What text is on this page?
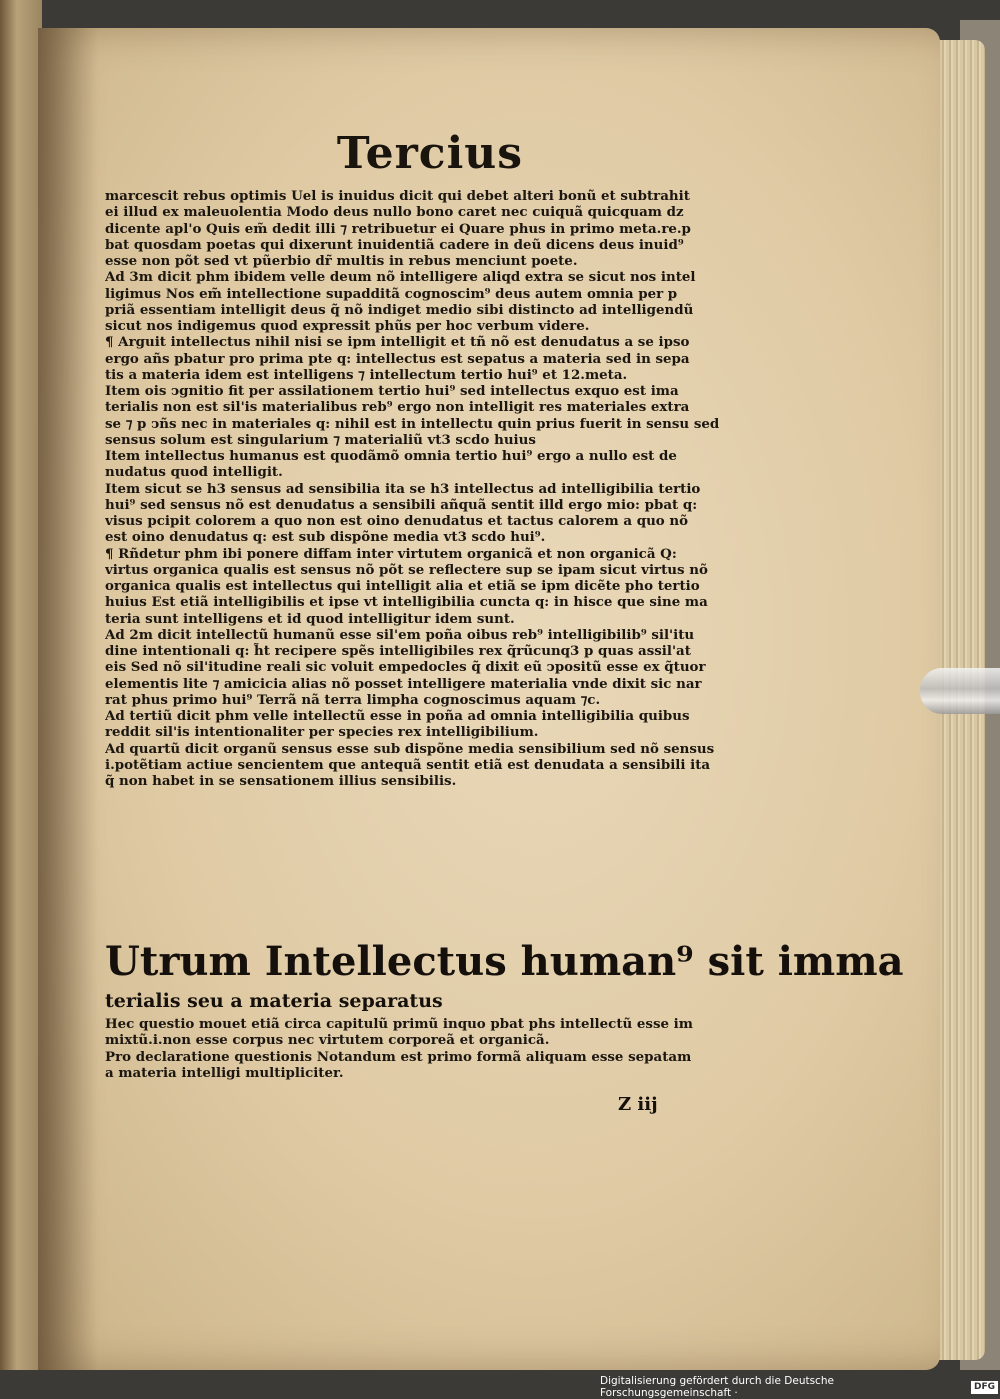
Tercius

marcescit rebus optimis Uel is inuidus dicit qui debet alteri bonũ et subtrahit

ei illud ex maleuolentia Modo deus nullo bono caret nec cuiquã quicquam dz

dicente apl'o Quis em̃ dedit illi ⁊ retribuetur ei Quare phus in primo meta.re.p

bat quosdam poetas qui dixerunt inuidentiã cadere in deũ dicens deus inuid⁹

esse non põt sed vt pũerbio dr̃ multis in rebus menciunt poete.

Ad 3m dicit phm ibidem velle deum nõ intelligere aliqd extra se sicut nos intel

ligimus Nos em̃ intellectione supadditã cognoscim⁹ deus autem omnia per p

priã essentiam intelligit deus q̃ nõ indiget medio sibi distincto ad intelligendũ

sicut nos indigemus quod expressit phũs per hoc verbum videre.

¶ Arguit intellectus nihil nisi se ipm intelligit et tñ nõ est denudatus a se ipso

ergo añs pbatur pro prima pte q: intellectus est sepatus a materia sed in sepa

tis a materia idem est intelligens ⁊ intellectum tertio hui⁹ et 12.meta.

Item ois ↄgnitio fit per assilationem tertio hui⁹ sed intellectus exquo est ima

terialis non est sil'is materialibus reb⁹ ergo non intelligit res materiales extra

se ⁊ p ↄñs nec in materiales q: nihil est in intellectu quin prius fuerit in sensu sed

sensus solum est singularium ⁊ materialiũ vt3 scdo huius

Item intellectus humanus est quodãmõ omnia tertio hui⁹ ergo a nullo est de

nudatus quod intelligit.

Item sicut se h3 sensus ad sensibilia ita se h3 intellectus ad intelligibilia tertio

hui⁹ sed sensus nõ est denudatus a sensibili añquã sentit illd ergo mio: pbat q:

visus pcipit colorem a quo non est oino denudatus et tactus calorem a quo nõ

est oino denudatus q: est sub dispõne media vt3 scdo hui⁹.

¶ Rñdetur phm ibi ponere diffam inter virtutem organicã et non organicã Q:

virtus organica qualis est sensus nõ põt se reflectere sup se ipam sicut virtus nõ

organica qualis est intellectus qui intelligit alia et etiã se ipm dicẽte pho tertio

huius Est etiã intelligibilis et ipse vt intelligibilia cuncta q: in hisce que sine ma

teria sunt intelligens et id quod intelligitur idem sunt.

Ad 2m dicit intellectũ humanũ esse sil'em poña oibus reb⁹ intelligibilib⁹ sil'itu

dine intentionali q: h̃t recipere spẽs intelligibiles rex q̃rũcunq3 p quas assil'at

eis Sed nõ sil'itudine reali sic voluit empedocles q̃ dixit eũ ↄpositũ esse ex q̃tuor

elementis lite ⁊ amicicia alias nõ posset intelligere materialia vnde dixit sic nar

rat phus primo hui⁹ Terrã nã terra limpha cognoscimus aquam ⁊c.

Ad tertiũ dicit phm velle intellectũ esse in poña ad omnia intelligibilia quibus

reddit sil'is intentionaliter per species rex intelligibilium.

Ad quartũ dicit organũ sensus esse sub dispõne media sensibilium sed nõ sensus

i.potẽtiam actiue sencientem que antequã sentit etiã est denudata a sensibili ita

q̃ non habet in se sensationem illius sensibilis.

Utrum Intellectus human⁹ sit imma
terialis seu a materia separatus

Hec questio mouet etiã circa capitulũ primũ inquo pbat phs intellectũ esse im

mixtũ.i.non esse corpus nec virtutem corporeã et organicã.

Pro declaratione questionis Notandum est primo formã aliquam esse sepatam

a materia intelligi multipliciter.

Z iij
Digitalisierung gefördert durch die Deutsche Forschungsgemeinschaft ·
DFG
